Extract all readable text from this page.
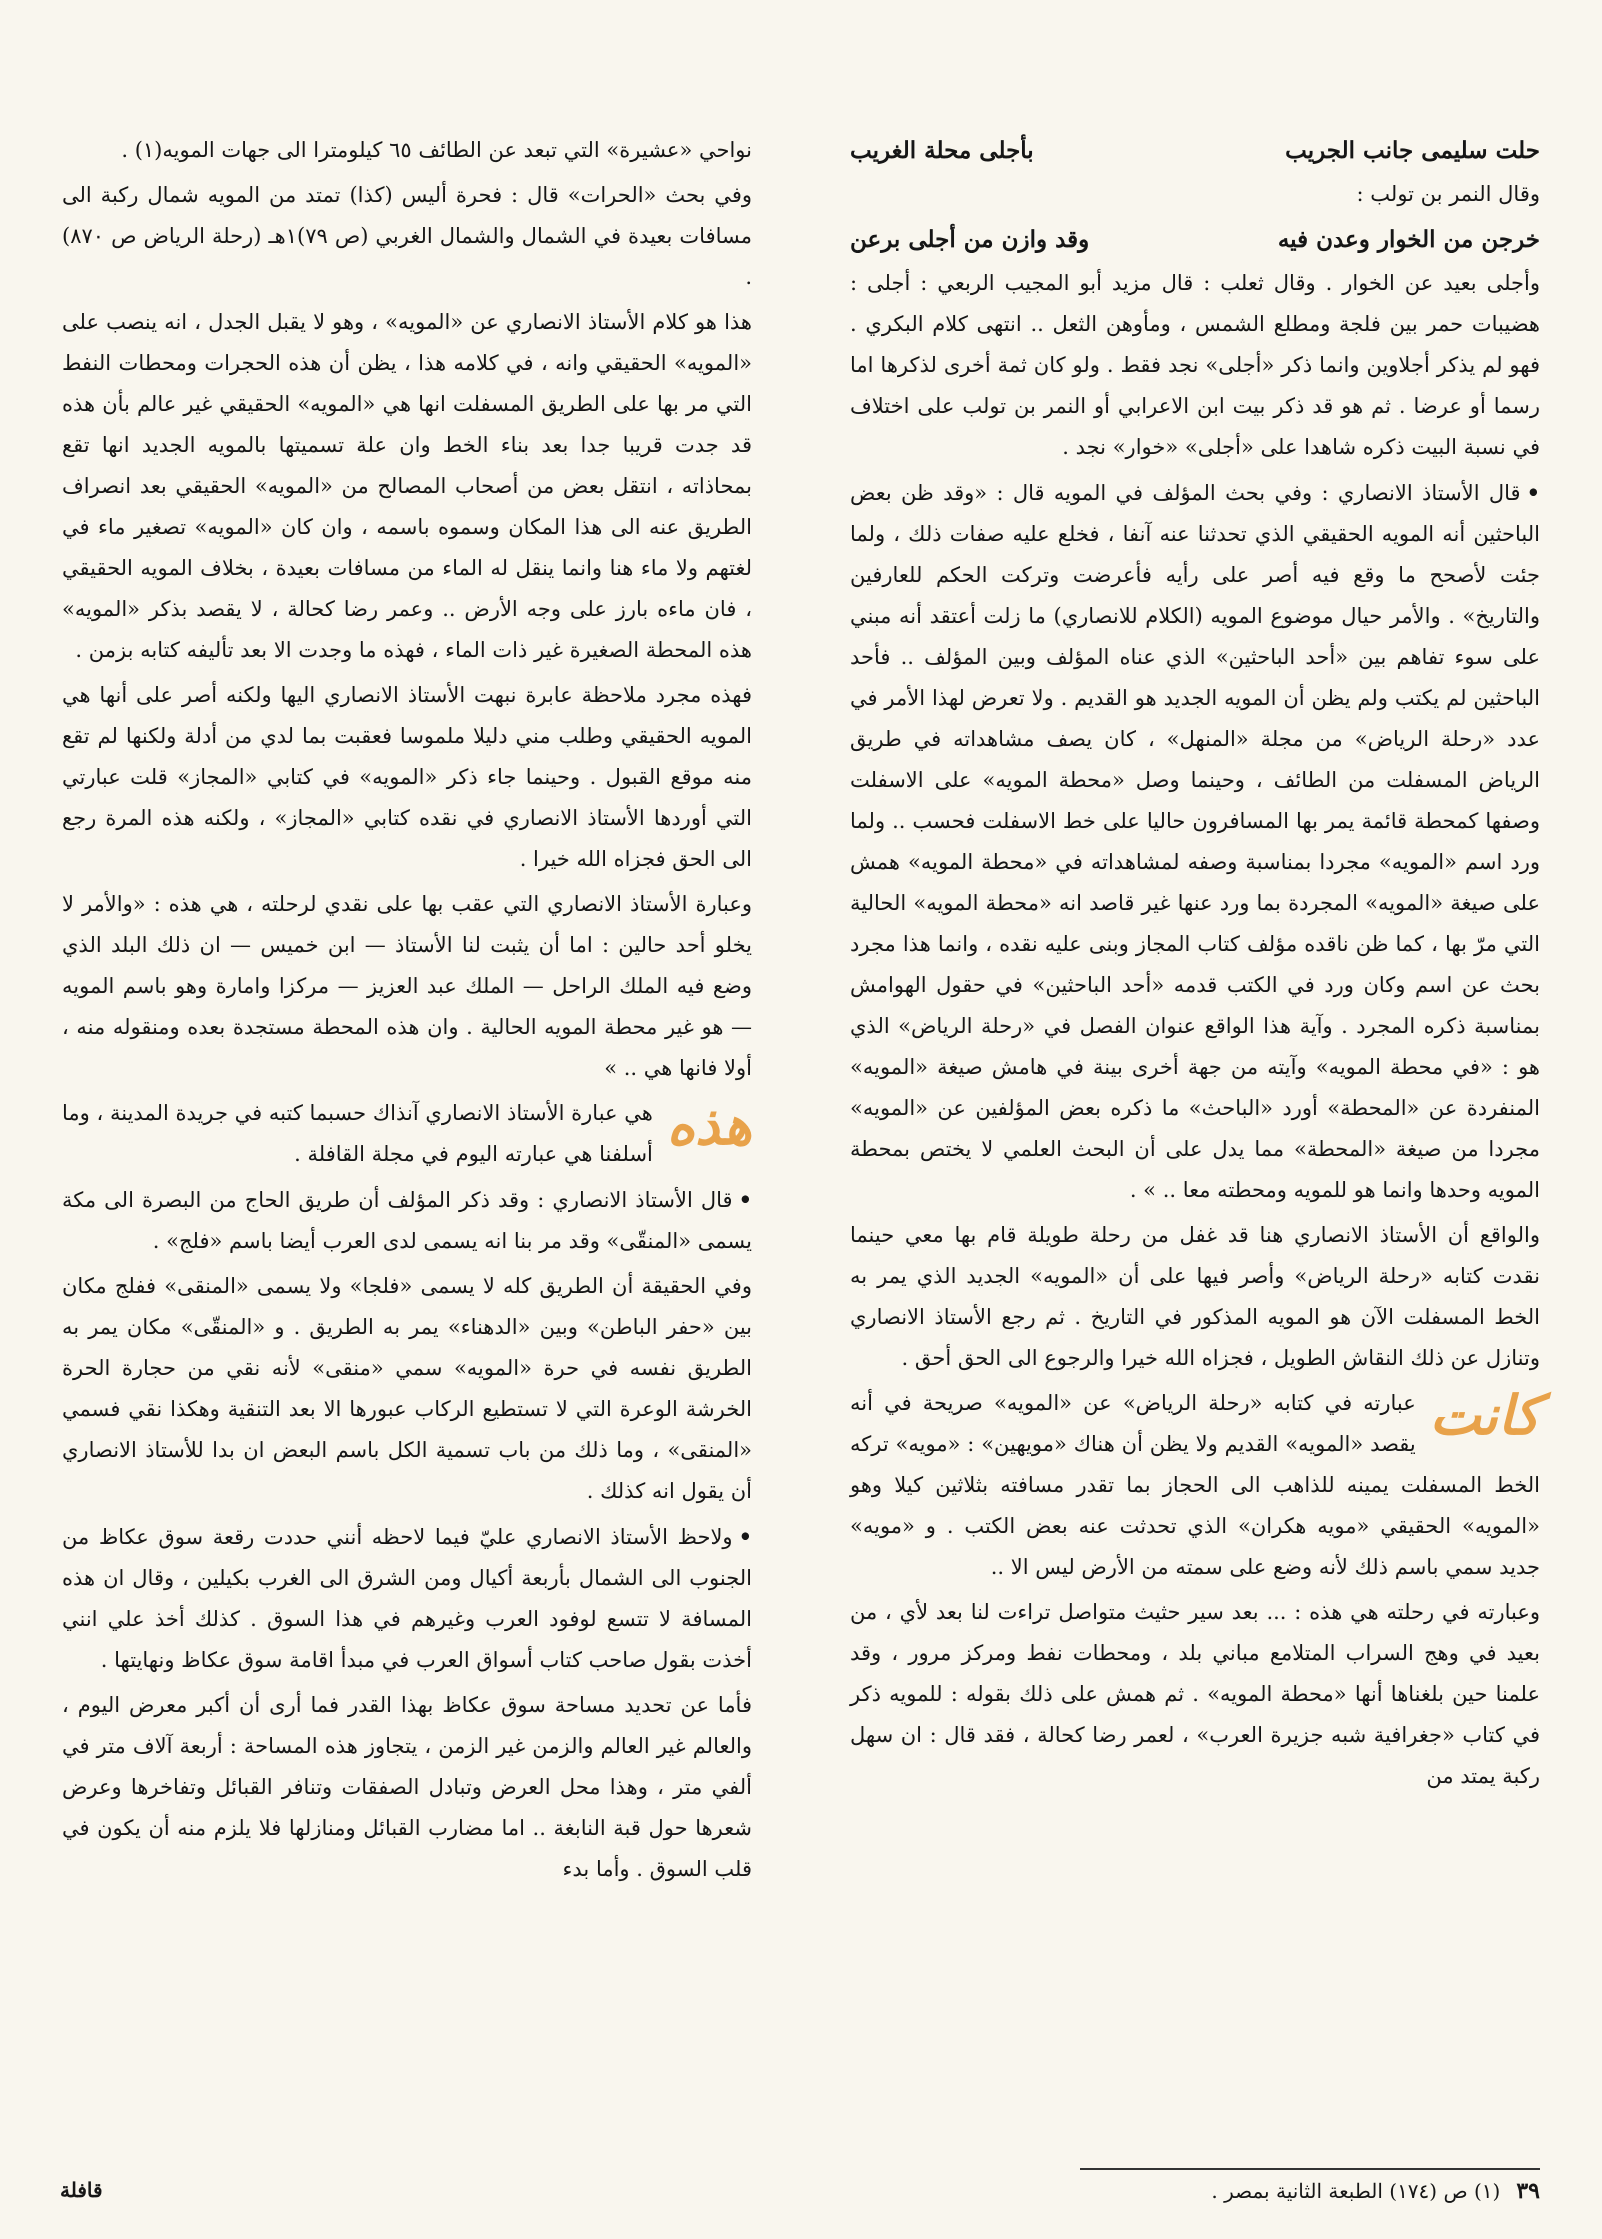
حلت سليمى جانب الجريب
بأجلى محلة الغريب

وقال النمر بن تولب :

خرجن من الخوار وعدن فيه
وقد وازن من أجلى برعن

وأجلى بعيد عن الخوار . وقال ثعلب : قال مزيد أبو المجيب الربعي : أجلى : هضيبات حمر بين فلجة ومطلع الشمس ، ومأوهن الثعل .. انتهى كلام البكري . فهو لم يذكر أجلاوين وانما ذكر «أجلى» نجد فقط . ولو كان ثمة أخرى لذكرها اما رسما أو عرضا . ثم هو قد ذكر بيت ابن الاعرابي أو النمر بن تولب على اختلاف في نسبة البيت ذكره شاهدا على «أجلى» «خوار» نجد .

•قال الأستاذ الانصاري : وفي بحث المؤلف في المويه قال : «وقد ظن بعض الباحثين أنه المويه الحقيقي الذي تحدثنا عنه آنفا ، فخلع عليه صفات ذلك ، ولما جئت لأصحح ما وقع فيه أصر على رأيه فأعرضت وتركت الحكم للعارفين والتاريخ» . والأمر حيال موضوع المويه (الكلام للانصاري) ما زلت أعتقد أنه مبني على سوء تفاهم بين «أحد الباحثين» الذي عناه المؤلف وبين المؤلف .. فأحد الباحثين لم يكتب ولم يظن أن المويه الجديد هو القديم . ولا تعرض لهذا الأمر في عدد «رحلة الرياض» من مجلة «المنهل» ، كان يصف مشاهداته في طريق الرياض المسفلت من الطائف ، وحينما وصل «محطة المويه» على الاسفلت وصفها كمحطة قائمة يمر بها المسافرون حاليا على خط الاسفلت فحسب .. ولما ورد اسم «المويه» مجردا بمناسبة وصفه لمشاهداته في «محطة المويه» همش على صيغة «المويه» المجردة بما ورد عنها غير قاصد انه «محطة المويه» الحالية التي مرّ بها ، كما ظن ناقده مؤلف كتاب المجاز وبنى عليه نقده ، وانما هذا مجرد بحث عن اسم وكان ورد في الكتب قدمه «أحد الباحثين» في حقول الهوامش بمناسبة ذكره المجرد . وآية هذا الواقع عنوان الفصل في «رحلة الرياض» الذي هو : «في محطة المويه» وآيته من جهة أخرى بينة في هامش صيغة «المويه» المنفردة عن «المحطة» أورد «الباحث» ما ذكره بعض المؤلفين عن «المويه» مجردا من صيغة «المحطة» مما يدل على أن البحث العلمي لا يختص بمحطة المويه وحدها وانما هو للمويه ومحطته معا .. » .

والواقع أن الأستاذ الانصاري هنا قد غفل من رحلة طويلة قام بها معي حينما نقدت كتابه «رحلة الرياض» وأصر فيها على أن «المويه» الجديد الذي يمر به الخط المسفلت الآن هو المويه المذكور في التاريخ . ثم رجع الأستاذ الانصاري وتنازل عن ذلك النقاش الطويل ، فجزاه الله خيرا والرجوع الى الحق أحق .

كانت

عبارته في كتابه «رحلة الرياض» عن «المويه» صريحة في أنه يقصد «المويه» القديم ولا يظن أن هناك «مويهين» : «مويه» تركه الخط المسفلت يمينه للذاهب الى الحجاز بما تقدر مسافته بثلاثين كيلا وهو «المويه» الحقيقي «مويه هكران» الذي تحدثت عنه بعض الكتب . و «مويه» جديد سمي باسم ذلك لأنه وضع على سمته من الأرض ليس الا ..

وعبارته في رحلته هي هذه : ... بعد سير حثيث متواصل تراءت لنا بعد لأي ، من بعيد في وهج السراب المتلامع مباني بلد ، ومحطات نفط ومركز مرور ، وقد علمنا حين بلغناها أنها «محطة المويه» . ثم همش على ذلك بقوله : للمويه ذكر في كتاب «جغرافية شبه جزيرة العرب» ، لعمر رضا كحالة ، فقد قال : ان سهل ركبة يمتد من

نواحي «عشيرة» التي تبعد عن الطائف ٦٥ كيلومترا الى جهات المويه(١) .

وفي بحث «الحرات» قال : فحرة أليس (كذا) تمتد من المويه شمال ركبة الى مسافات بعيدة في الشمال والشمال الغربي (ص ٧٩)١هـ (رحلة الرياض ص ٨٧٠) .

هذا هو كلام الأستاذ الانصاري عن «المويه» ، وهو لا يقبل الجدل ، انه ينصب على «المويه» الحقيقي وانه ، في كلامه هذا ، يظن أن هذه الحجرات ومحطات النفط التي مر بها على الطريق المسفلت انها هي «المويه» الحقيقي غير عالم بأن هذه قد جدت قريبا جدا بعد بناء الخط وان علة تسميتها بالمويه الجديد انها تقع بمحاذاته ، انتقل بعض من أصحاب المصالح من «المويه» الحقيقي بعد انصراف الطريق عنه الى هذا المكان وسموه باسمه ، وان كان «المويه» تصغير ماء في لغتهم ولا ماء هنا وانما ينقل له الماء من مسافات بعيدة ، بخلاف المويه الحقيقي ، فان ماءه بارز على وجه الأرض .. وعمر رضا كحالة ، لا يقصد بذكر «المويه» هذه المحطة الصغيرة غير ذات الماء ، فهذه ما وجدت الا بعد تأليفه كتابه بزمن .

فهذه مجرد ملاحظة عابرة نبهت الأستاذ الانصاري اليها ولكنه أصر على أنها هي المويه الحقيقي وطلب مني دليلا ملموسا فعقبت بما لدي من أدلة ولكنها لم تقع منه موقع القبول . وحينما جاء ذكر «المويه» في كتابي «المجاز» قلت عبارتي التي أوردها الأستاذ الانصاري في نقده كتابي «المجاز» ، ولكنه هذه المرة رجع الى الحق فجزاه الله خيرا .

وعبارة الأستاذ الانصاري التي عقب بها على نقدي لرحلته ، هي هذه : «والأمر لا يخلو أحد حالين : اما أن يثبت لنا الأستاذ — ابن خميس — ان ذلك البلد الذي وضع فيه الملك الراحل — الملك عبد العزيز — مركزا وامارة وهو باسم المويه — هو غير محطة المويه الحالية . وان هذه المحطة مستجدة بعده ومنقوله منه ، أولا فانها هي .. »

هذه

هي عبارة الأستاذ الانصاري آنذاك حسبما كتبه في جريدة المدينة ، وما أسلفنا هي عبارته اليوم في مجلة القافلة .

•قال الأستاذ الانصاري : وقد ذكر المؤلف أن طريق الحاج من البصرة الى مكة يسمى «المنقّى» وقد مر بنا انه يسمى لدى العرب أيضا باسم «فلج» .

وفي الحقيقة أن الطريق كله لا يسمى «فلجا» ولا يسمى «المنقى» ففلج مكان بين «حفر الباطن» وبين «الدهناء» يمر به الطريق . و «المنقّى» مكان يمر به الطريق نفسه في حرة «المويه» سمي «منقى» لأنه نقي من حجارة الحرة الخرشة الوعرة التي لا تستطيع الركاب عبورها الا بعد التنقية وهكذا نقي فسمي «المنقى» ، وما ذلك من باب تسمية الكل باسم البعض ان بدا للأستاذ الانصاري أن يقول انه كذلك .

•ولاحظ الأستاذ الانصاري عليّ فيما لاحظه أنني حددت رقعة سوق عكاظ من الجنوب الى الشمال بأربعة أكيال ومن الشرق الى الغرب بكيلين ، وقال ان هذه المسافة لا تتسع لوفود العرب وغيرهم في هذا السوق . كذلك أخذ علي انني أخذت بقول صاحب كتاب أسواق العرب في مبدأ اقامة سوق عكاظ ونهايتها .

فأما عن تحديد مساحة سوق عكاظ بهذا القدر فما أرى أن أكبر معرض اليوم ، والعالم غير العالم والزمن غير الزمن ، يتجاوز هذه المساحة : أربعة آلاف متر في ألفي متر ، وهذا محل العرض وتبادل الصفقات وتنافر القبائل وتفاخرها وعرض شعرها حول قبة النابغة .. اما مضارب القبائل ومنازلها فلا يلزم منه أن يكون في قلب السوق . وأما بدء

٣٩
(١) ص (١٧٤) الطبعة الثانية بمصر .
قافلة
